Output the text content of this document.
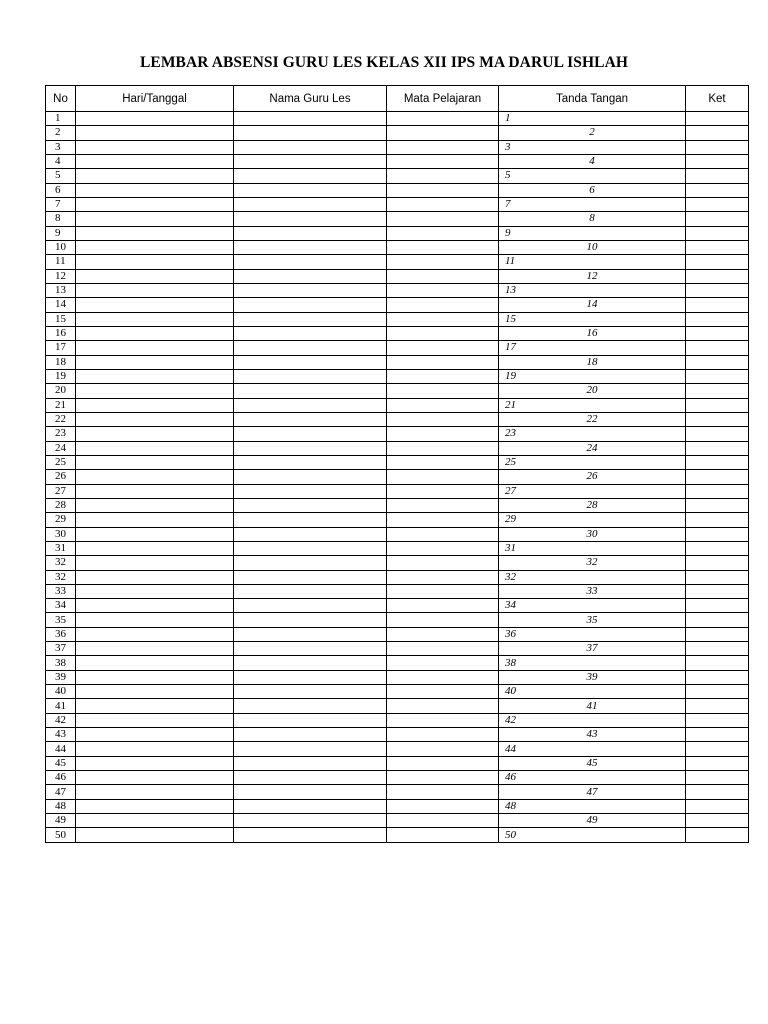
LEMBAR ABSENSI GURU LES KELAS XII IPS MA DARUL ISHLAH
No	Hari/Tanggal	Nama Guru Les	Mata Pelajaran	Tanda Tangan	Ket
1				1	
2				2	
3				3	
4				4	
5				5	
6				6	
7				7	
8				8	
9				9	
10				10	
11				11	
12				12	
13				13	
14				14	
15				15	
16				16	
17				17	
18				18	
19				19	
20				20	
21				21	
22				22	
23				23	
24				24	
25				25	
26				26	
27				27	
28				28	
29				29	
30				30	
31				31	
32				32	
32				32	
33				33	
34				34	
35				35	
36				36	
37				37	
38				38	
39				39	
40				40	
41				41	
42				42	
43				43	
44				44	
45				45	
46				46	
47				47	
48				48	
49				49	
50				50	
